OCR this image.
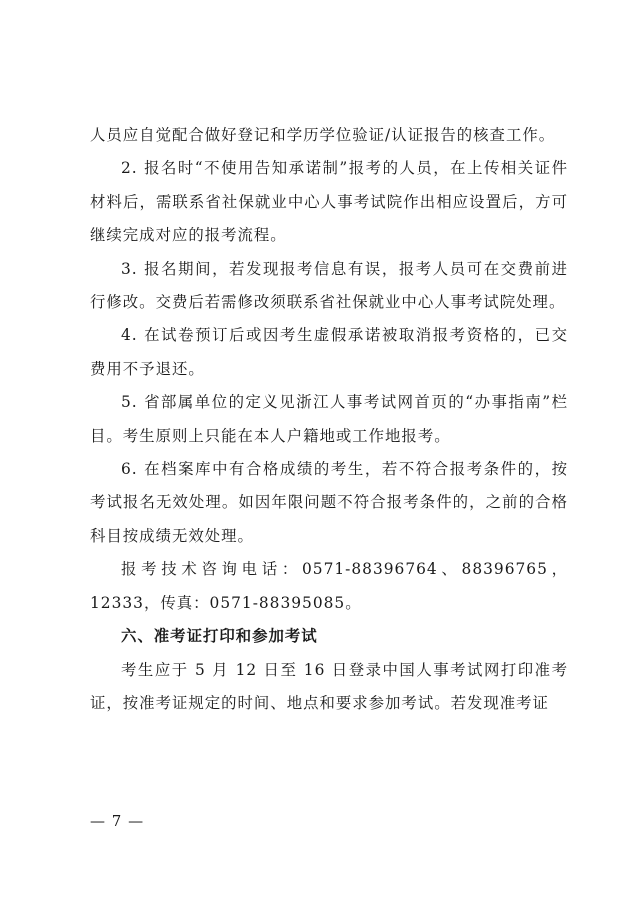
人员应自觉配合做好登记和学历学位验证/认证报告的核查工作。

2. 报名时“不使用告知承诺制”报考的人员，在上传相关证件材料后，需联系省社保就业中心人事考试院作出相应设置后，方可继续完成对应的报考流程。

3. 报名期间，若发现报考信息有误，报考人员可在交费前进行修改。交费后若需修改须联系省社保就业中心人事考试院处理。

4. 在试卷预订后或因考生虚假承诺被取消报考资格的，已交费用不予退还。

5. 省部属单位的定义见浙江人事考试网首页的“办事指南”栏目。考生原则上只能在本人户籍地或工作地报考。

6. 在档案库中有合格成绩的考生，若不符合报考条件的，按考试报名无效处理。如因年限问题不符合报考条件的，之前的合格科目按成绩无效处理。

报考技术咨询电话：0571-88396764、88396765，12333，传真：0571-88395085。

六、准考证打印和参加考试

考生应于 5 月 12 日至 16 日登录中国人事考试网打印准考证，按准考证规定的时间、地点和要求参加考试。若发现准考证

— 7 —
